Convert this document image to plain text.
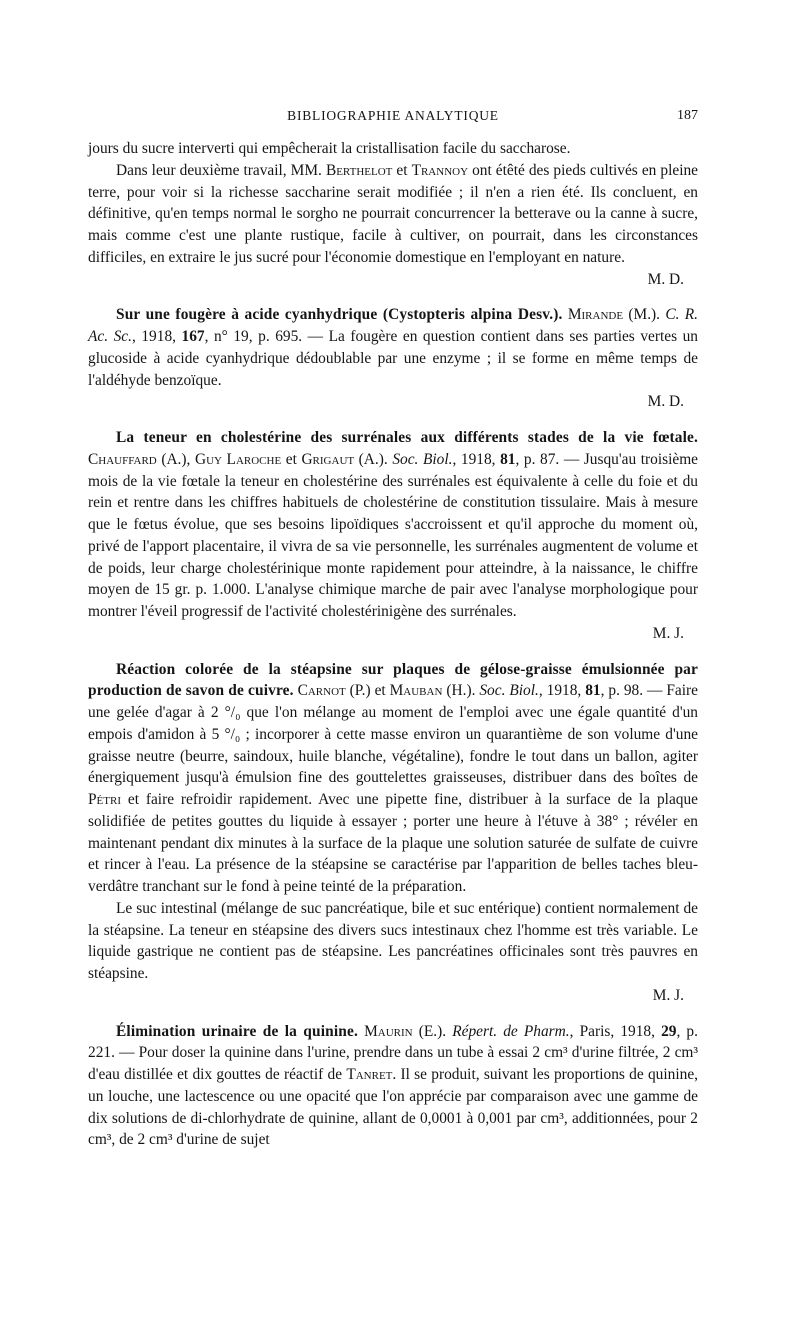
BIBLIOGRAPHIE ANALYTIQUE	187

jours du sucre interverti qui empêcherait la cristallisation facile du saccharose.

Dans leur deuxième travail, MM. Berthelot et Trannoy ont étêté des pieds cultivés en pleine terre, pour voir si la richesse saccharine serait modifiée ; il n'en a rien été. Ils concluent, en définitive, qu'en temps normal le sorgho ne pourrait concurrencer la betterave ou la canne à sucre, mais comme c'est une plante rustique, facile à cultiver, on pourrait, dans les circonstances difficiles, en extraire le jus sucré pour l'économie domestique en l'employant en nature.

M. D.

Sur une fougère à acide cyanhydrique (Cystopteris alpina Desv.). Mirande (M.). C. R. Ac. Sc., 1918, 167, n° 19, p. 695. — La fougère en question contient dans ses parties vertes un glucoside à acide cyanhydrique dédoublable par une enzyme ; il se forme en même temps de l'aldéhyde benzoïque.

M. D.

La teneur en cholestérine des surrénales aux différents stades de la vie fœtale. Chauffard (A.), Guy Laroche et Grigaut (A.). Soc. Biol., 1918, 81, p. 87. — Jusqu'au troisième mois de la vie fœtale la teneur en cholestérine des surrénales est équivalente à celle du foie et du rein et rentre dans les chiffres habituels de cholestérine de constitution tissulaire. Mais à mesure que le fœtus évolue, que ses besoins lipoïdiques s'accroissent et qu'il approche du moment où, privé de l'apport placentaire, il vivra de sa vie personnelle, les surrénales augmentent de volume et de poids, leur charge cholestérinique monte rapidement pour atteindre, à la naissance, le chiffre moyen de 15 gr. p. 1.000. L'analyse chimique marche de pair avec l'analyse morphologique pour montrer l'éveil progressif de l'activité cholestérinigène des surrénales.

M. J.

Réaction colorée de la stéapsine sur plaques de gélose-graisse émulsionnée par production de savon de cuivre. Carnot (P.) et Mauban (H.). Soc. Biol., 1918, 81, p. 98. — Faire une gelée d'agar à 2 °/₀ que l'on mélange au moment de l'emploi avec une égale quantité d'un empois d'amidon à 5 °/₀ ; incorporer à cette masse environ un quarantième de son volume d'une graisse neutre (beurre, saindoux, huile blanche, végétaline), fondre le tout dans un ballon, agiter énergiquement jusqu'à émulsion fine des gouttelettes graisseuses, distribuer dans des boîtes de Pétri et faire refroidir rapidement. Avec une pipette fine, distribuer à la surface de la plaque solidifiée de petites gouttes du liquide à essayer ; porter une heure à l'étuve à 38° ; révéler en maintenant pendant dix minutes à la surface de la plaque une solution saturée de sulfate de cuivre et rincer à l'eau. La présence de la stéapsine se caractérise par l'apparition de belles taches bleu-verdâtre tranchant sur le fond à peine teinté de la préparation.

Le suc intestinal (mélange de suc pancréatique, bile et suc entérique) contient normalement de la stéapsine. La teneur en stéapsine des divers sucs intestinaux chez l'homme est très variable. Le liquide gastrique ne contient pas de stéapsine. Les pancréatines officinales sont très pauvres en stéapsine.

M. J.

Élimination urinaire de la quinine. Maurin (E.). Répert. de Pharm., Paris, 1918, 29, p. 221. — Pour doser la quinine dans l'urine, prendre dans un tube à essai 2 cm³ d'urine filtrée, 2 cm³ d'eau distillée et dix gouttes de réactif de Tanret. Il se produit, suivant les proportions de quinine, un louche, une lactescence ou une opacité que l'on apprécie par comparaison avec une gamme de dix solutions de di-chlorhydrate de quinine, allant de 0,0001 à 0,001 par cm³, additionnées, pour 2 cm³, de 2 cm³ d'urine de sujet
